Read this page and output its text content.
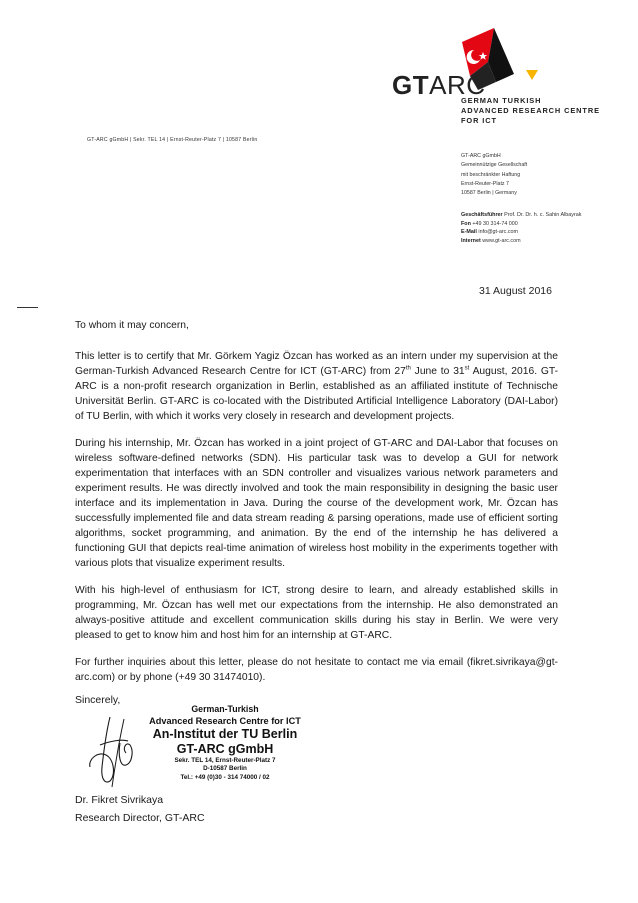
GT-ARC gGmbH | Sekr. TEL 14 | Ernst-Reuter-Platz 7 | 10587 Berlin
GTARC
GERMAN TURKISH
ADVANCED RESEARCH CENTRE
FOR ICT
GT-ARC gGmbH
Gemeinnützige Gesellschaft
mit beschränkter Haftung
Ernst-Reuter-Platz 7
10587 Berlin | Germany
Geschäftsführer Prof. Dr. Dr. h. c. Sahin Albayrak
Fon +49 30 314-74 000
E-Mail info@gt-arc.com
Internet www.gt-arc.com
31 August 2016

To whom it may concern,

This letter is to certify that Mr. Görkem Yagiz Özcan has worked as an intern under my supervision at the German-Turkish Advanced Research Centre for ICT (GT-ARC) from 27th June to 31st August, 2016. GT-ARC is a non-profit research organization in Berlin, established as an affiliated institute of Technische Universität Berlin. GT-ARC is co-located with the Distributed Artificial Intelligence Laboratory (DAI-Labor) of TU Berlin, with which it works very closely in research and development projects.

During his internship, Mr. Özcan has worked in a joint project of GT-ARC and DAI-Labor that focuses on wireless software-defined networks (SDN). His particular task was to develop a GUI for network experimentation that interfaces with an SDN controller and visualizes various network parameters and experiment results. He was directly involved and took the main responsibility in designing the basic user interface and its implementation in Java. During the course of the development work, Mr. Özcan has successfully implemented file and data stream reading & parsing operations, made use of efficient sorting algorithms, socket programming, and animation. By the end of the internship he has delivered a functioning GUI that depicts real-time animation of wireless host mobility in the experiments together with various plots that visualize experiment results.

With his high-level of enthusiasm for ICT, strong desire to learn, and already established skills in programming, Mr. Özcan has well met our expectations from the internship. He also demonstrated an always-positive attitude and excellent communication skills during his stay in Berlin. We were very pleased to get to know him and host him for an internship at GT-ARC.

For further inquiries about this letter, please do not hesitate to contact me via email (fikret.sivrikaya@gt-arc.com) or by phone (+49 30 31474010).

Sincerely,
German-Turkish
Advanced Research Centre for ICT
An-Institut der TU Berlin
GT-ARC gGmbH
Sekr. TEL 14, Ernst-Reuter-Platz 7
D-10587 Berlin
Tel.: +49 (0)30 - 314 74000 / 02
Dr. Fikret Sivrikaya
Research Director, GT-ARC
